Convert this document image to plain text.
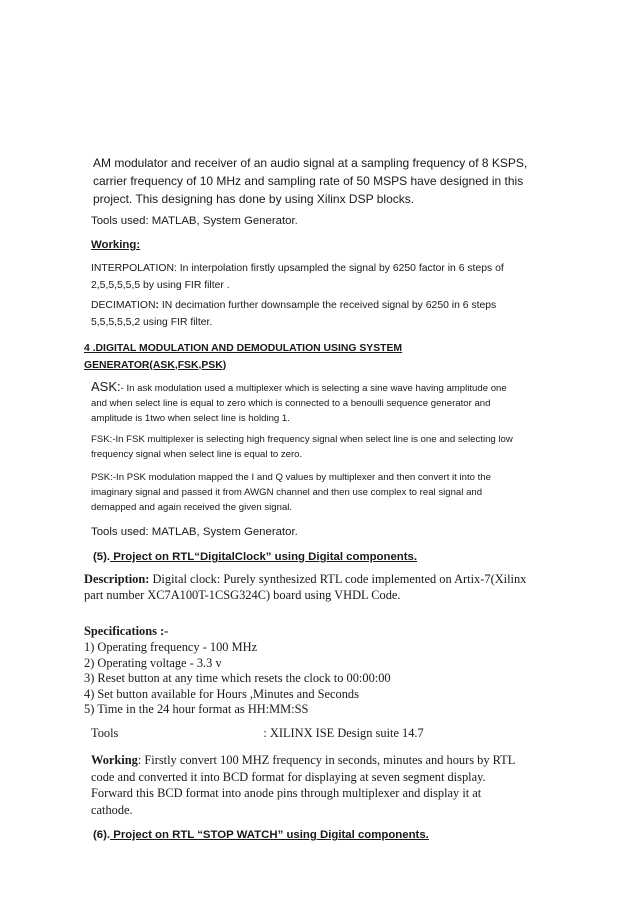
AM modulator and receiver of an audio signal at a sampling frequency of 8 KSPS,
carrier frequency of 10 MHz and sampling rate of 50 MSPS have designed in this
project. This designing has done by using Xilinx DSP blocks.
Tools used: MATLAB, System Generator.
Working:
INTERPOLATION: In interpolation firstly upsampled the signal by 6250 factor in 6 steps of
2,5,5,5,5,5 by using FIR filter .
DECIMATION: IN decimation further downsample the received signal by 6250 in 6 steps
5,5,5,5,5,2 using FIR filter.
4 .DIGITAL MODULATION AND DEMODULATION USING SYSTEM
GENERATOR(ASK,FSK,PSK)
ASK:- In ask modulation used a multiplexer which is selecting a sine wave having amplitude one
and when select line is equal to zero which is connected to a benoulli sequence generator and
amplitude is 1two when select line is holding 1.
FSK:-In FSK multiplexer is selecting high frequency signal when select line is one and selecting low
frequency signal when select line is equal to zero.
PSK:-In PSK modulation mapped the I and Q values by multiplexer and then convert it into the
imaginary signal and passed it from AWGN channel and then use complex to real signal and
demapped and again received the given signal.
Tools used: MATLAB, System Generator.
(5). Project on RTL“DigitalClock” using Digital components.
Description: Digital clock: Purely synthesized RTL code implemented on Artix-7(Xilinx
part number XC7A100T-1CSG324C) board using VHDL Code.
Specifications :-
1) Operating frequency - 100 MHz
2) Operating voltage - 3.3 v
3) Reset button at any time which resets the clock to 00:00:00
4) Set button available for Hours ,Minutes and Seconds
5) Time in the 24 hour format as HH:MM:SS
Tools	: XILINX ISE Design suite 14.7
Working: Firstly convert 100 MHZ frequency in seconds, minutes and hours by RTL
code and converted it into BCD format for displaying at seven segment display.
Forward this BCD format into anode pins through multiplexer and display it at
cathode.
(6). Project on RTL “STOP WATCH” using Digital components.
